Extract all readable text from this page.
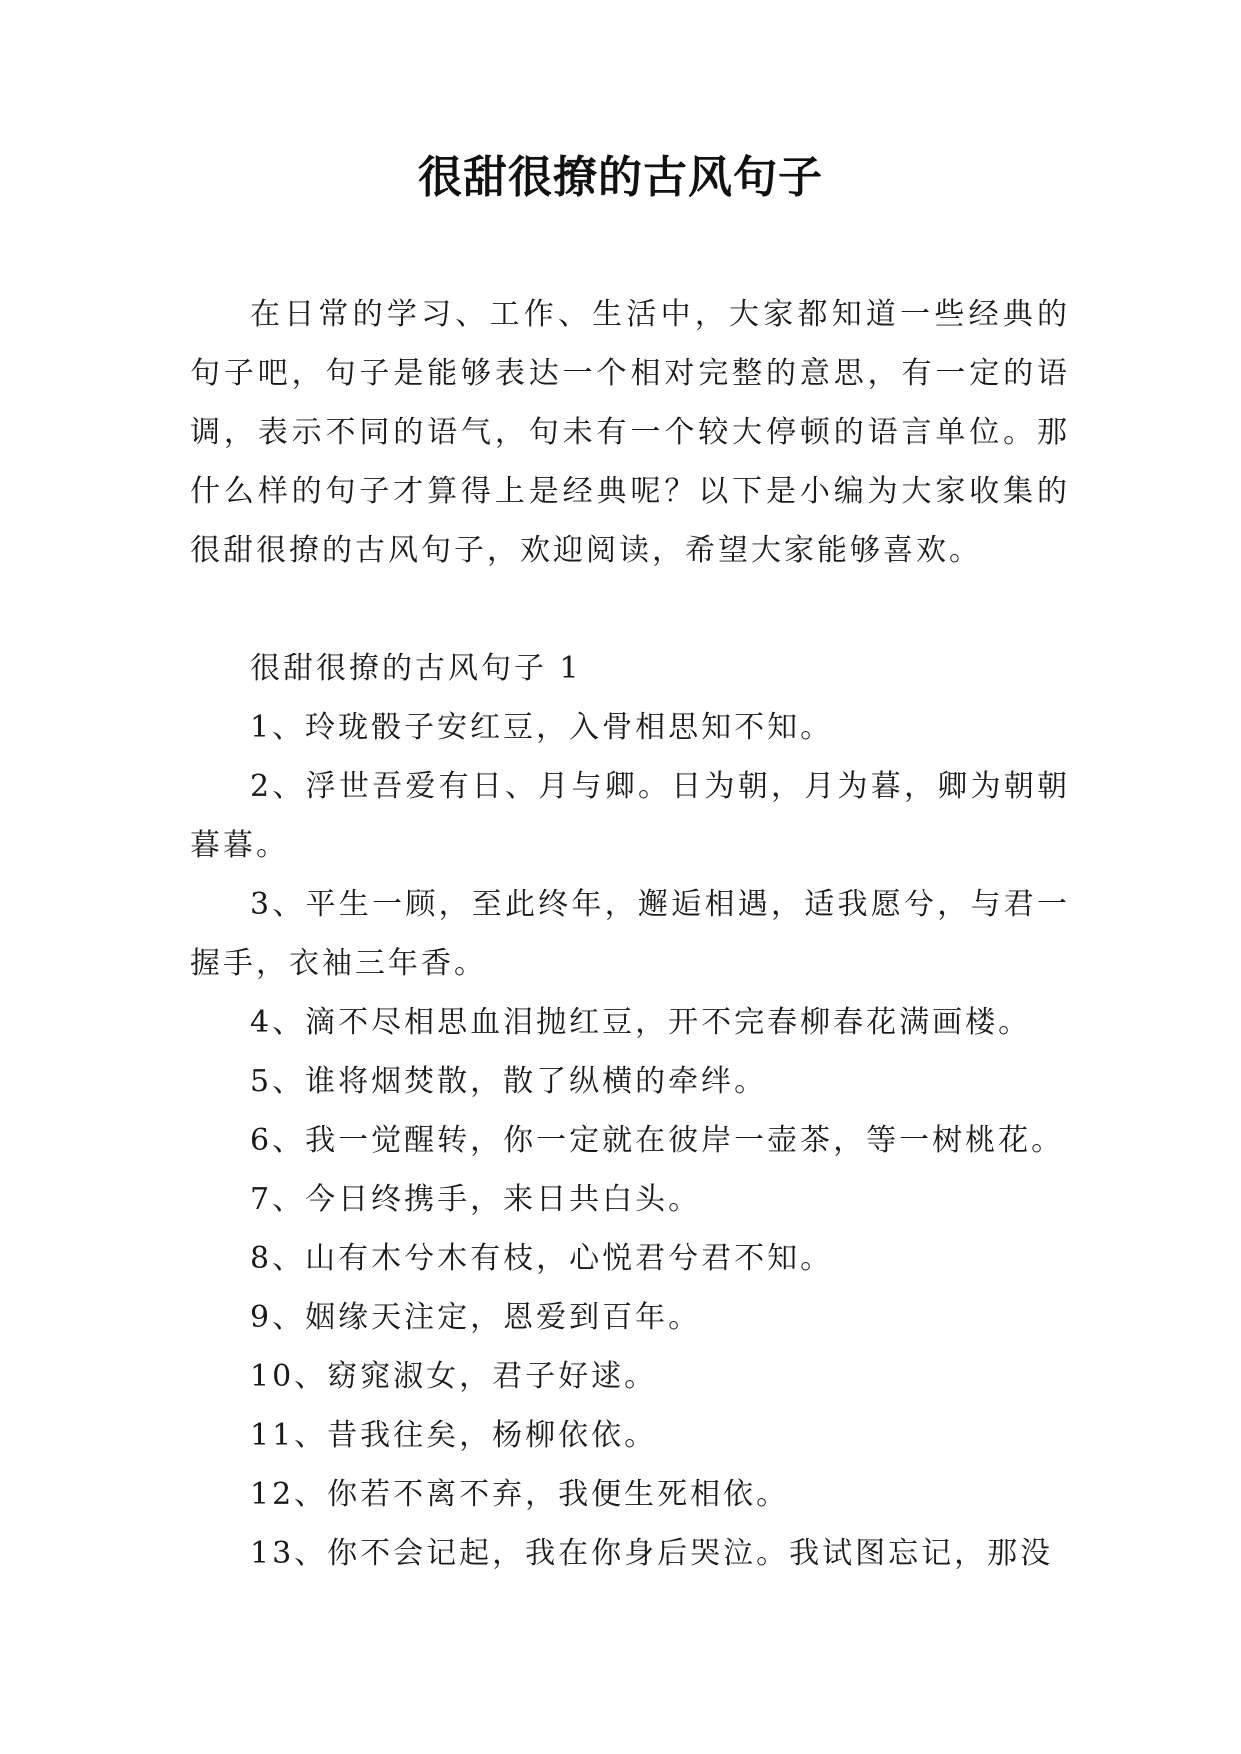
很甜很撩的古风句子

在日常的学习、工作、生活中，大家都知道一些经典的句子吧，句子是能够表达一个相对完整的意思，有一定的语调，表示不同的语气，句未有一个较大停顿的语言单位。那什么样的句子才算得上是经典呢？以下是小编为大家收集的很甜很撩的古风句子，欢迎阅读，希望大家能够喜欢。

很甜很撩的古风句子 1

1、玲珑骰子安红豆，入骨相思知不知。

2、浮世吾爱有日、月与卿。日为朝，月为暮，卿为朝朝暮暮。

3、平生一顾，至此终年，邂逅相遇，适我愿兮，与君一握手，衣袖三年香。

4、滴不尽相思血泪抛红豆，开不完春柳春花满画楼。

5、谁将烟焚散，散了纵横的牵绊。

6、我一觉醒转，你一定就在彼岸一壶茶，等一树桃花。

7、今日终携手，来日共白头。

8、山有木兮木有枝，心悦君兮君不知。

9、姻缘天注定，恩爱到百年。

10、窈窕淑女，君子好逑。

11、昔我往矣，杨柳依依。

12、你若不离不弃，我便生死相依。

13、你不会记起，我在你身后哭泣。我试图忘记，那没
